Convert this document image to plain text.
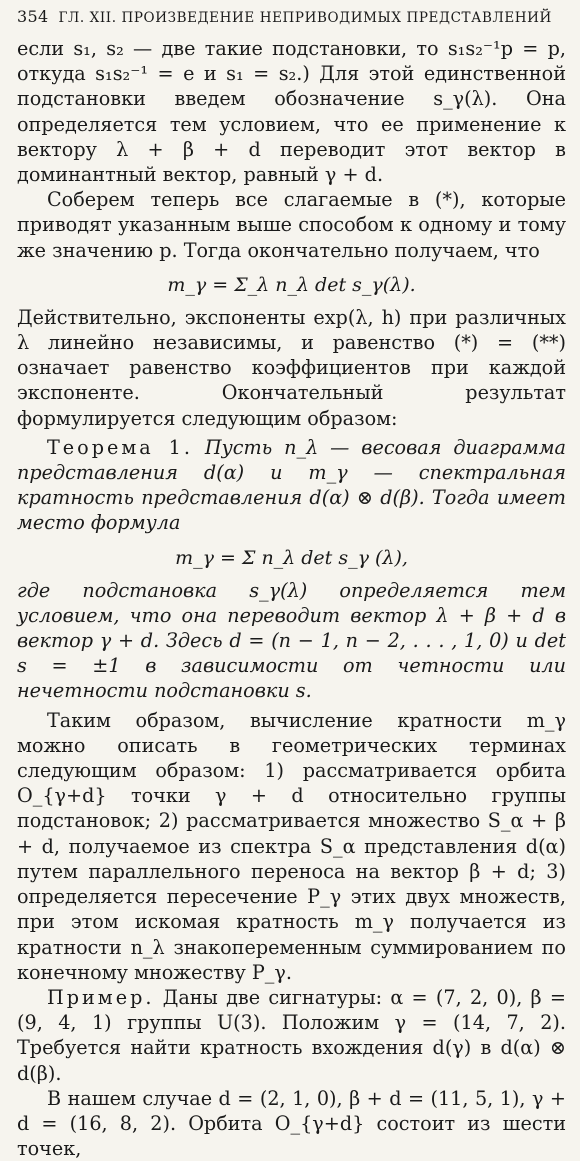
354 ГЛ. XII. ПРОИЗВЕДЕНИЕ НЕПРИВОДИМЫХ ПРЕДСТАВЛЕНИЙ

если s₁, s₂ — две такие подстановки, то s₁s₂⁻¹p = p, откуда s₁s₂⁻¹ = e и s₁ = s₂.) Для этой единственной подстановки введем обозначение s_γ(λ). Она определяется тем условием, что ее применение к вектору λ + β + d переводит этот вектор в доминантный вектор, равный γ + d.

Соберем теперь все слагаемые в (*), которые приводят указанным выше способом к одному и тому же значению p. Тогда окончательно получаем, что

m_γ = Σ_λ n_λ det s_γ(λ).

Действительно, экспоненты exp(λ, h) при различных λ линейно независимы, и равенство (*) = (**) означает равенство коэффициентов при каждой экспоненте. Окончательный результат формулируется следующим образом:

Теорема 1. Пусть n_λ — весовая диаграмма представления d(α) и m_γ — спектральная кратность представления d(α) ⊗ d(β). Тогда имеет место формула

m_γ = Σ n_λ det s_γ (λ),

где подстановка s_γ(λ) определяется тем условием, что она переводит вектор λ + β + d в вектор γ + d. Здесь d = (n − 1, n − 2, . . . , 1, 0) и det s = ±1 в зависимости от четности или нечетности подстановки s.

Таким образом, вычисление кратности m_γ можно описать в геометрических терминах следующим образом: 1) рассматривается орбита O_{γ+d} точки γ + d относительно группы подстановок; 2) рассматривается множество S_α + β + d, получаемое из спектра S_α представления d(α) путем параллельного переноса на вектор β + d; 3) определяется пересечение P_γ этих двух множеств, при этом искомая кратность m_γ получается из кратности n_λ знакопеременным суммированием по конечному множеству P_γ.

Пример. Даны две сигнатуры: α = (7, 2, 0), β = (9, 4, 1) группы U(3). Положим γ = (14, 7, 2). Требуется найти кратность вхождения d(γ) в d(α) ⊗ d(β).

В нашем случае d = (2, 1, 0), β + d = (11, 5, 1), γ + d = (16, 8, 2). Орбита O_{γ+d} состоит из шести точек,
